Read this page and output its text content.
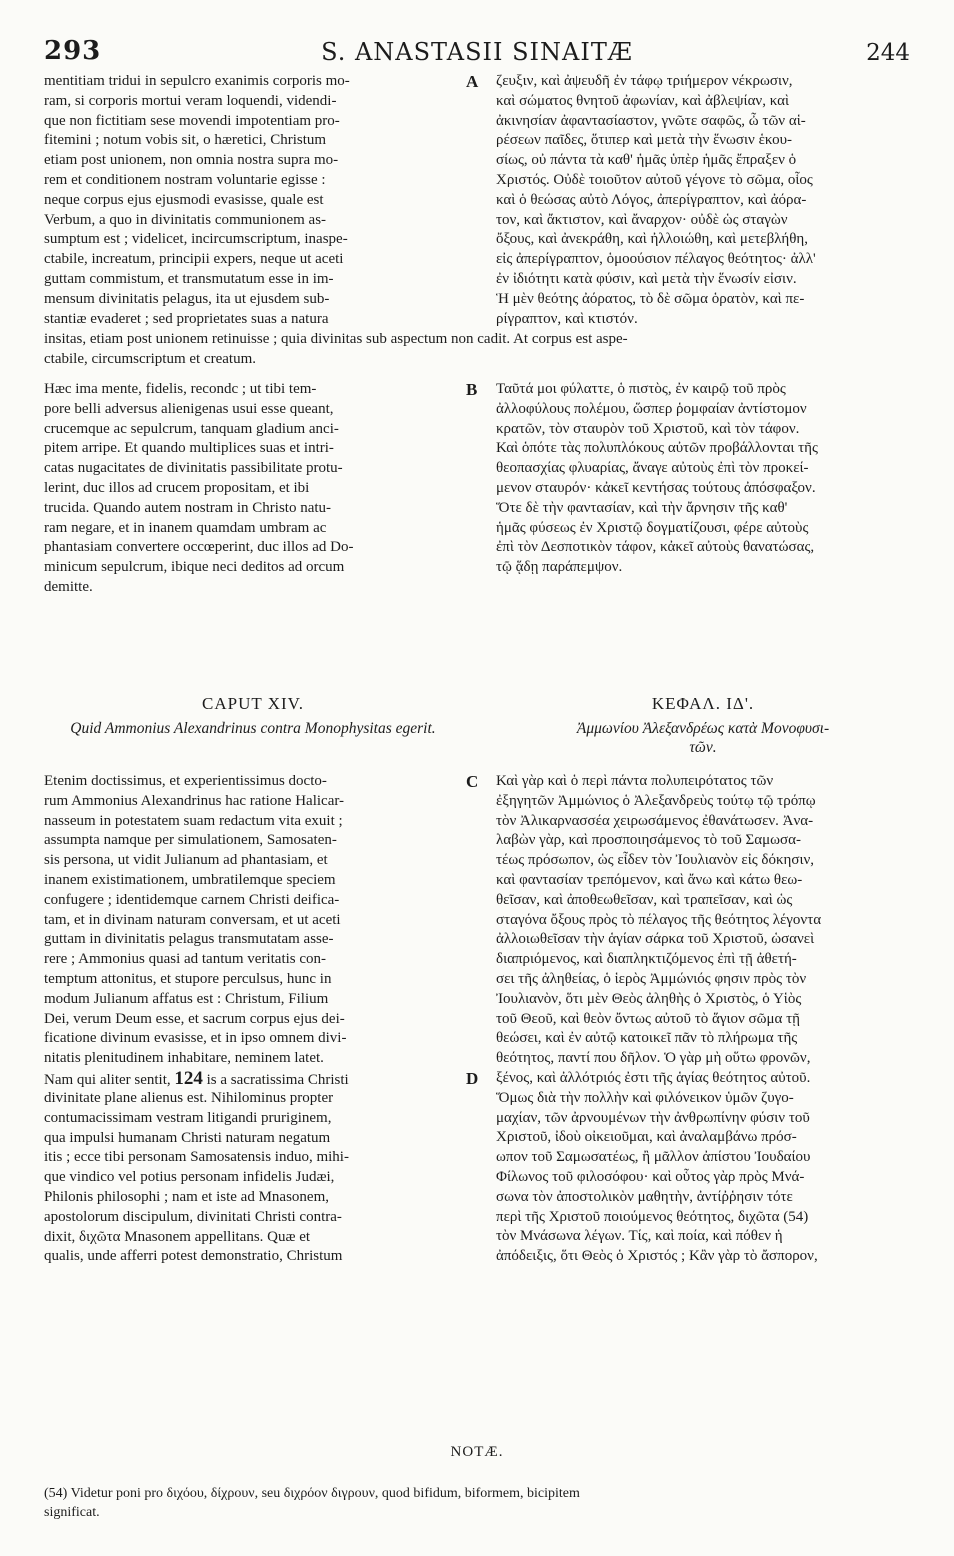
293	S. ANASTASII SINAITÆ	244
mentitiam tridui in sepulcro exanimis corporis mo-
ram, si corporis mortui veram loquendi, videndi-
que non fictitiam sese movendi impotentiam pro-
fitemini ; notum vobis sit, o hæretici, Christum
etiam post unionem, non omnia nostra supra mo-
rem et conditionem nostram voluntarie egisse :
neque corpus ejus ejusmodi evasisse, quale est
Verbum, a quo in divinitatis communionem as-
sumptum est ; videlicet, incircumscriptum, inaspe-
ctabile, increatum, principii expers, neque ut aceti
guttam commistum, et transmutatum esse in im-
mensum divinitatis pelagus, ita ut ejusdem sub-
stantiæ evaderet ; sed proprietates suas a natura
A ζευξιν, καὶ ἀψευδῆ ἐν τάφῳ τριήμερον νέκρωσιν,
καὶ σώματος θνητοῦ ἀφωνίαν, καὶ ἀβλεψίαν, καὶ
ἀκινησίαν ἀφαντασίαστον, γνῶτε σαφῶς, ὦ τῶν αἱ-
ρέσεων παῖδες, ὅτιπερ καὶ μετὰ τὴν ἕνωσιν ἑκου-
σίως, οὐ πάντα τὰ καθ' ἡμᾶς ὑπὲρ ἡμᾶς ἔπραξεν ὁ
Χριστός. Οὐδὲ τοιοῦτον αὐτοῦ γέγονε τὸ σῶμα, οἷος
καὶ ὁ θεώσας αὐτὸ Λόγος, ἀπερίγραπτον, καὶ ἀόρα-
τον, καὶ ἄκτιστον, καὶ ἄναρχον· οὐδὲ ὡς σταγὼν
ὄξους, καὶ ἀνεκράθη, καὶ ἠλλοιώθη, καὶ μετεβλήθη,
εἰς ἀπερίγραπτον, ὁμοούσιον πέλαγος θεότητος· ἀλλ'
ἐν ἰδιότητι κατὰ φύσιν, καὶ μετὰ τὴν ἕνωσίν εἰσιν.
Ἡ μὲν θεότης ἀόρατος, τὸ δὲ σῶμα ὁρατὸν, καὶ πε-
ρίγραπτον, καὶ κτιστόν.
insitas, etiam post unionem retinuisse ; quia divinitas sub aspectum non cadit. At corpus est aspe-
ctabile, circumscriptum et creatum.
Hæc ima mente, fidelis, recondc ; ut tibi tem-
pore belli adversus alienigenas usui esse queant,
crucemque ac sepulcrum, tanquam gladium anci-
pitem arripe. Et quando multiplices suas et intri-
catas nugacitates de divinitatis passibilitate protu-
lerint, duc illos ad crucem propositam, et ibi
trucida. Quando autem nostram in Christo natu-
ram negare, et in inanem quamdam umbram ac
phantasiam convertere occœperint, duc illos ad Do-
minicum sepulcrum, ibique neci deditos ad orcum
demitte.
B Ταῦτά μοι φύλαττε, ὁ πιστὸς, ἐν καιρῷ τοῦ πρὸς
ἀλλοφύλους πολέμου, ὥσπερ ῥομφαίαν ἀντίστομον
κρατῶν, τὸν σταυρὸν τοῦ Χριστοῦ, καὶ τὸν τάφον.
Καὶ ὁπότε τὰς πολυπλόκους αὐτῶν προβάλλονται τῆς
θεοπασχίας φλυαρίας, ἄναγε αὐτοὺς ἐπὶ τὸν προκεί-
μενον σταυρόν· κἀκεῖ κεντήσας τούτους ἀπόσφαξον.
Ὅτε δὲ τὴν φαντασίαν, καὶ τὴν ἄρνησιν τῆς καθ'
ἡμᾶς φύσεως ἐν Χριστῷ δογματίζουσι, φέρε αὐτοὺς
ἐπὶ τὸν Δεσποτικὸν τάφον, κἀκεῖ αὐτοὺς θανατώσας,
τῷ ᾅδῃ παράπεμψον.
CAPUT XIV.
Quid Ammonius Alexandrinus contra Monophysitas egerit.
ΚΕΦΑΛ. ΙΔ'.
Ἀμμωνίου Ἀλεξανδρέως κατὰ Μονοφυσι-
τῶν.
Etenim doctissimus, et experientissimus docto-
rum Ammonius Alexandrinus hac ratione Halicar-
nasseum in potestatem suam redactum vita exuit ;
assumpta namque per simulationem, Samosaten-
sis persona, ut vidit Julianum ad phantasiam, et
inanem existimationem, umbratilemque speciem
confugere ; identidemque carnem Christi deifica-
tam, et in divinam naturam conversam, et ut aceti
guttam in divinitatis pelagus transmutatam asse-
rere ; Ammonius quasi ad tantum veritatis con-
temptum attonitus, et stupore perculsus, hunc in
modum Julianum affatus est : Christum, Filium
Dei, verum Deum esse, et sacrum corpus ejus dei-
ficatione divinum evasisse, et in ipso omnem divi-
nitatis plenitudinem inhabitare, neminem latet.
Nam qui aliter sentit, 124 is a sacratissima Christi
divinitate plane alienus est. Nihilominus propter
contumacissimam vestram litigandi pruriginem,
qua impulsi humanam Christi naturam negatum
itis ; ecce tibi personam Samosatensis induo, mihi-
que vindico vel potius personam infidelis Judæi,
Philonis philosophi ; nam et iste ad Mnasonem,
apostolorum discipulum, divinitati Christi contra-
dixit, διχῶτα Mnasonem appellitans. Quæ et
qualis, unde afferri potest demonstratio, Christum
C
D
Καὶ γὰρ καὶ ὁ περὶ πάντα πολυπειρότατος τῶν
ἐξηγητῶν Ἀμμώνιος ὁ Ἀλεξανδρεὺς τούτῳ τῷ τρόπῳ
τὸν Ἀλικαρνασσέα χειρωσάμενος ἐθανάτωσεν. Ἀνα-
λαβὼν γὰρ, καὶ προσποιησάμενος τὸ τοῦ Σαμωσα-
τέως πρόσωπον, ὡς εἶδεν τὸν Ἰουλιανὸν εἰς δόκησιν,
καὶ φαντασίαν τρεπόμενον, καὶ ἄνω καὶ κάτω θεω-
θεῖσαν, καὶ ἀποθεωθεῖσαν, καὶ τραπεῖσαν, καὶ ὡς
σταγόνα ὄξους πρὸς τὸ πέλαγος τῆς θεότητος λέγοντα
ἀλλοιωθεῖσαν τὴν ἁγίαν σάρκα τοῦ Χριστοῦ, ὡσανεὶ
διαπριόμενος, καὶ διαπληκτιζόμενος ἐπὶ τῇ ἀθετή-
σει τῆς ἀληθείας, ὁ ἱερὸς Ἀμμώνιός φησιν πρὸς τὸν
Ἰουλιανὸν, ὅτι μὲν Θεὸς ἀληθὴς ὁ Χριστὸς, ὁ Υἱὸς
τοῦ Θεοῦ, καὶ θεὸν ὄντως αὐτοῦ τὸ ἅγιον σῶμα τῇ
θεώσει, καὶ ἐν αὐτῷ κατοικεῖ πᾶν τὸ πλήρωμα τῆς
θεότητος, παντί που δῆλον. Ὁ γὰρ μὴ οὕτω φρονῶν,
ξένος, καὶ ἀλλότριός ἐστι τῆς ἁγίας θεότητος αὐτοῦ.
Ὅμως διὰ τὴν πολλὴν καὶ φιλόνεικον ὑμῶν ζυγο-
μαχίαν, τῶν ἀρνουμένων τὴν ἀνθρωπίνην φύσιν τοῦ
Χριστοῦ, ἰδοὺ οἰκειοῦμαι, καὶ ἀναλαμβάνω πρόσ-
ωπον τοῦ Σαμωσατέως, ἢ μᾶλλον ἀπίστου Ἰουδαίου
Φίλωνος τοῦ φιλοσόφου· καὶ οὗτος γὰρ πρὸς Μνά-
σωνα τὸν ἀποστολικὸν μαθητὴν, ἀντίῤῥησιν τότε
περὶ τῆς Χριστοῦ ποιούμενος θεότητος, διχῶτα (54)
τὸν Μνάσωνα λέγων. Τίς, καὶ ποία, καὶ πόθεν ἡ
ἀπόδειξις, ὅτι Θεὸς ὁ Χριστός ; Κἂν γὰρ τὸ ἄσπορον,
NOTÆ.
(54) Videtur poni pro διχόου, δίχρουν, seu διχρόον διγρουν, quod bifidum, biformem, bicipitem
significat.
